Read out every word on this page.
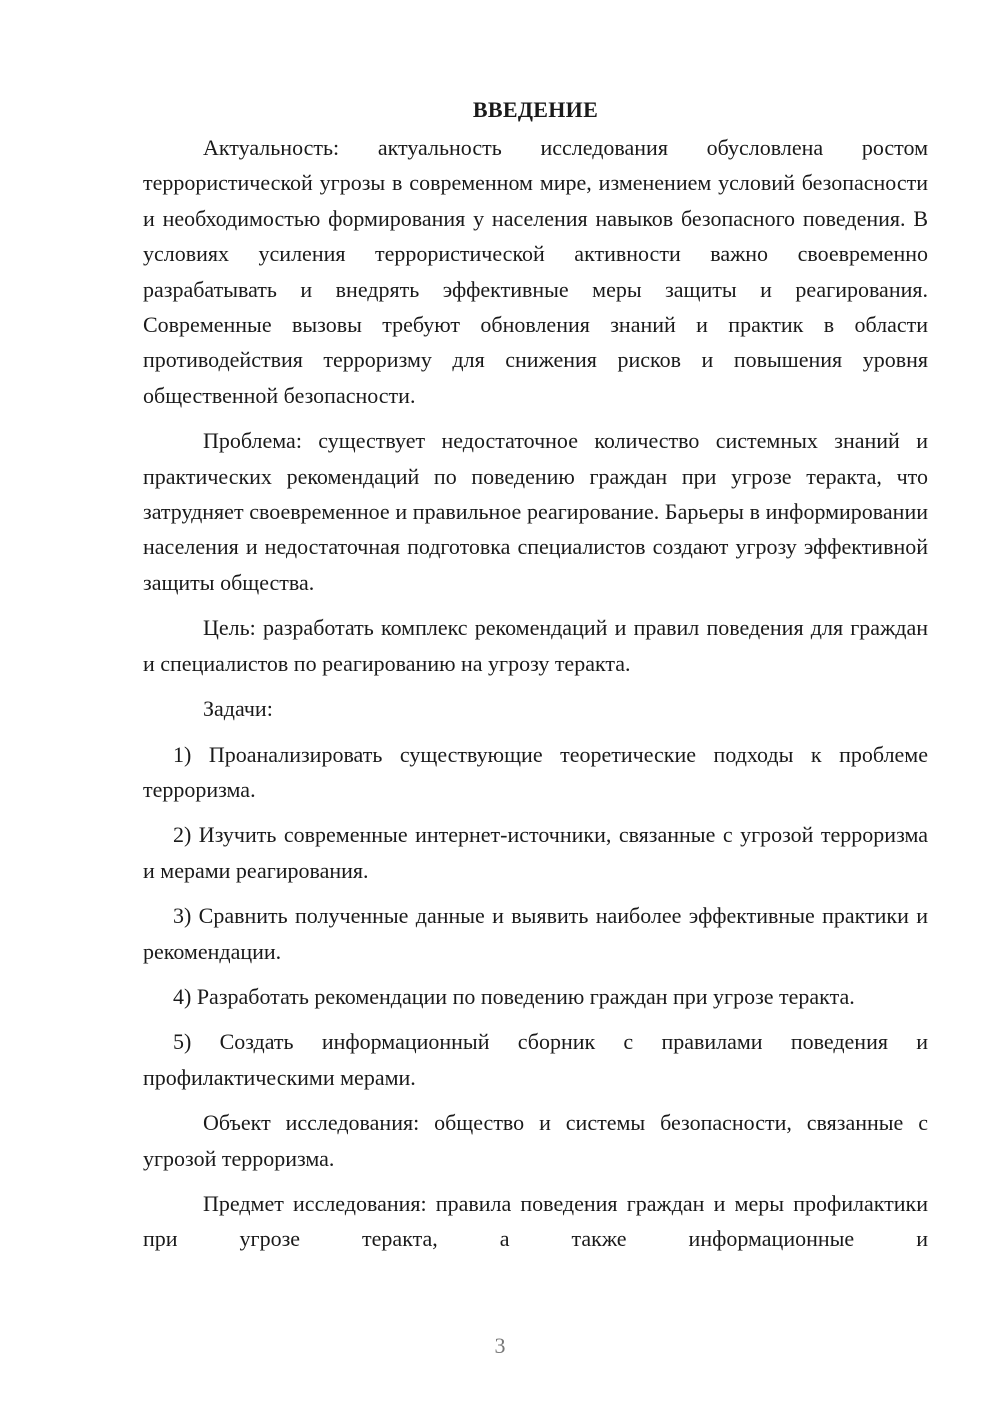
ВВЕДЕНИЕ

Актуальность: актуальность исследования обусловлена ростом террористической угрозы в современном мире, изменением условий безопасности и необходимостью формирования у населения навыков безопасного поведения. В условиях усиления террористической активности важно своевременно разрабатывать и внедрять эффективные меры защиты и реагирования. Современные вызовы требуют обновления знаний и практик в области противодействия терроризму для снижения рисков и повышения уровня общественной безопасности.

Проблема: существует недостаточное количество системных знаний и практических рекомендаций по поведению граждан при угрозе теракта, что затрудняет своевременное и правильное реагирование. Барьеры в информировании населения и недостаточная подготовка специалистов создают угрозу эффективной защиты общества.

Цель: разработать комплекс рекомендаций и правил поведения для граждан и специалистов по реагированию на угрозу теракта.

Задачи:

1) Проанализировать существующие теоретические подходы к проблеме терроризма.

2) Изучить современные интернет-источники, связанные с угрозой терроризма и мерами реагирования.

3) Сравнить полученные данные и выявить наиболее эффективные практики и рекомендации.

4) Разработать рекомендации по поведению граждан при угрозе теракта.

5) Создать информационный сборник с правилами поведения и профилактическими мерами.

Объект исследования: общество и системы безопасности, связанные с угрозой терроризма.

Предмет исследования: правила поведения граждан и меры профилактики при угрозе теракта, а также информационные и

3
